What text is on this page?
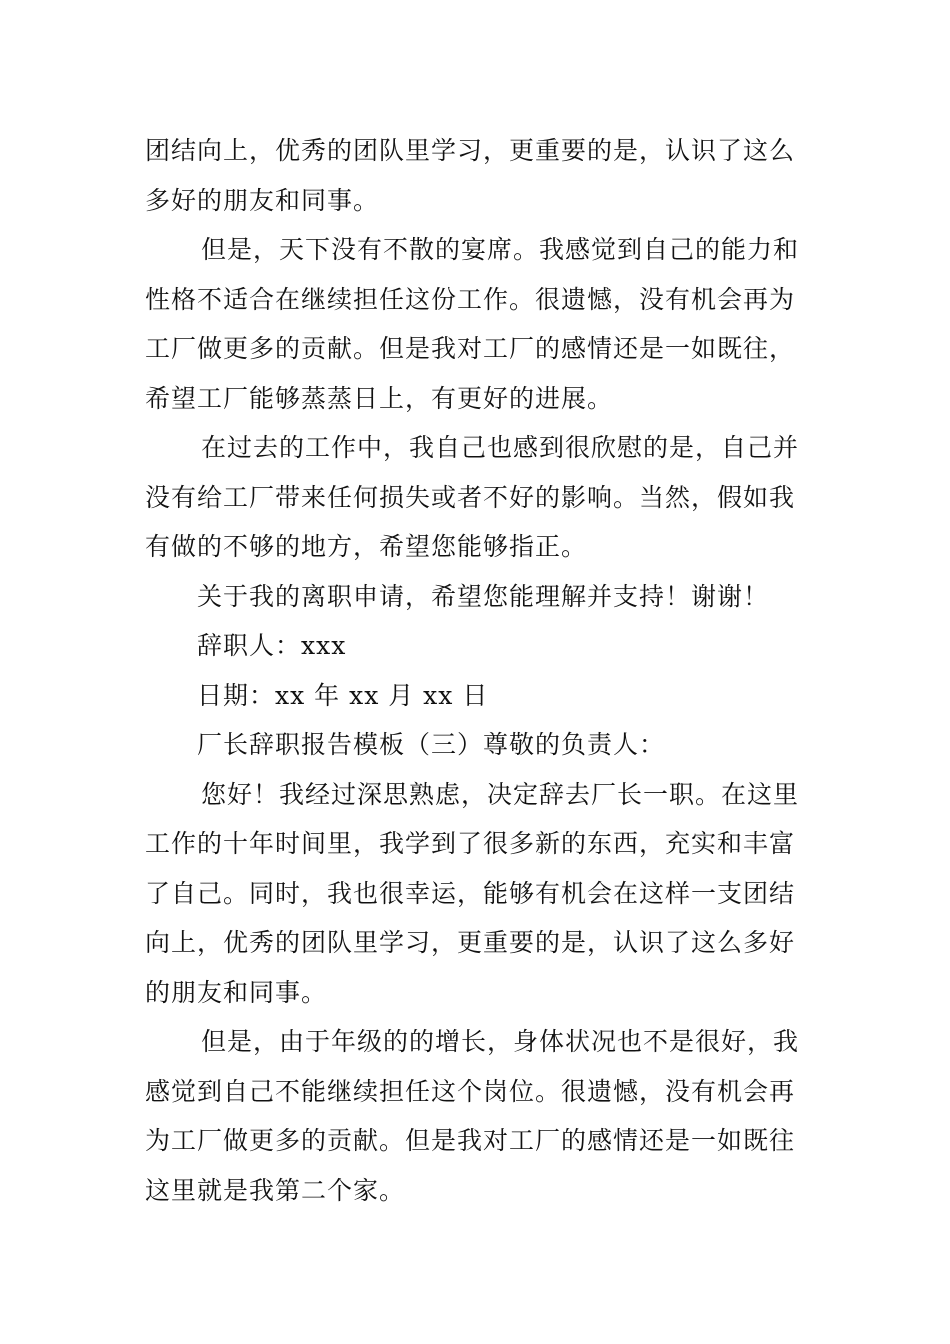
团结向上，优秀的团队里学习，更重要的是，认识了这么

多好的朋友和同事。

但是，天下没有不散的宴席。我感觉到自己的能力和

性格不适合在继续担任这份工作。很遗憾，没有机会再为

工厂做更多的贡献。但是我对工厂的感情还是一如既往，

希望工厂能够蒸蒸日上，有更好的进展。

在过去的工作中，我自己也感到很欣慰的是，自己并

没有给工厂带来任何损失或者不好的影响。当然，假如我

有做的不够的地方，希望您能够指正。

关于我的离职申请，希望您能理解并支持！谢谢！

辞职人：xxx

日期：xx 年 xx 月 xx 日

厂长辞职报告模板（三）尊敬的负责人：

您好！我经过深思熟虑，决定辞去厂长一职。在这里

工作的十年时间里，我学到了很多新的东西，充实和丰富

了自己。同时，我也很幸运，能够有机会在这样一支团结

向上，优秀的团队里学习，更重要的是，认识了这么多好

的朋友和同事。

但是，由于年级的的增长，身体状况也不是很好，我

感觉到自己不能继续担任这个岗位。很遗憾，没有机会再

为工厂做更多的贡献。但是我对工厂的感情还是一如既往

这里就是我第二个家。
